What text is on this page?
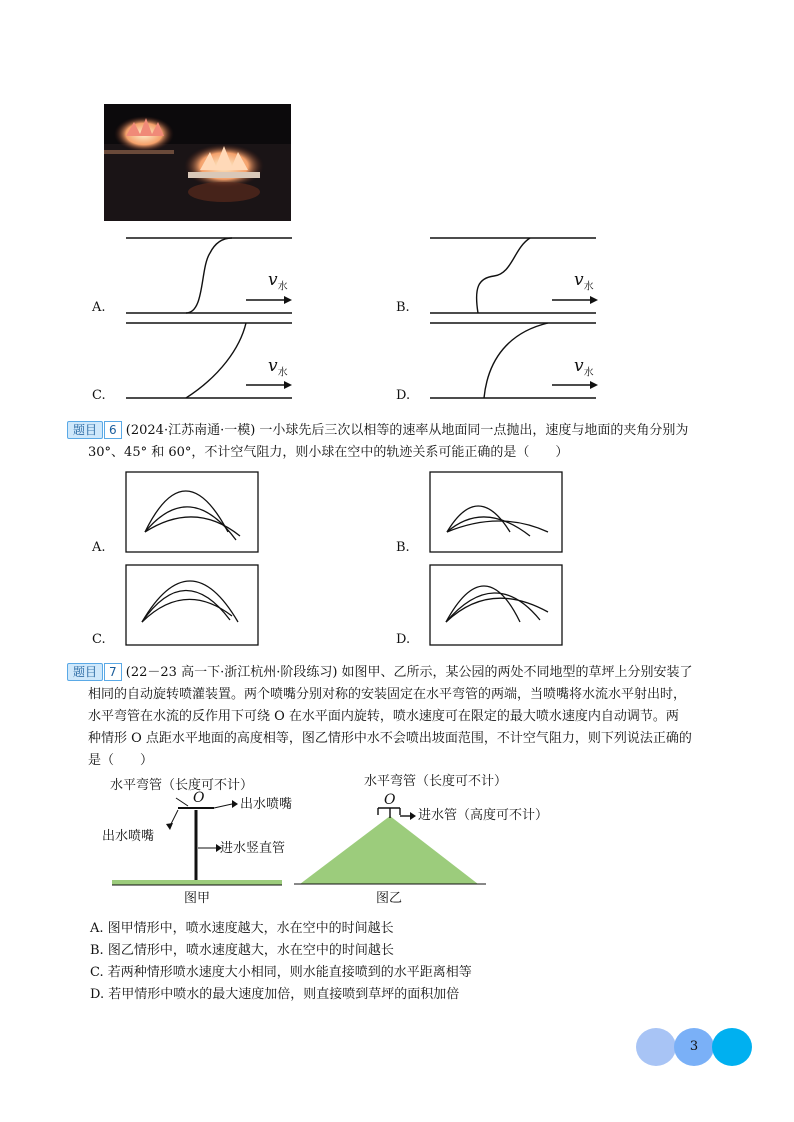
A.	B.
C.	D.
$v_水$	$v_水$
$v_水$	$v_水$
题目 6 (2024·江苏南通·一模) 一小球先后三次以相等的速率从地面同一点抛出，速度与地面的夹角分别为
30°、45° 和 60°，不计空气阻力，则小球在空中的轨迹关系可能正确的是（　　）
A.	B.
C.	D.
题目 7 (22－23 高一下·浙江杭州·阶段练习) 如图甲、乙所示，某公园的两处不同地型的草坪上分别安装了
相同的自动旋转喷灌装置。两个喷嘴分别对称的安装固定在水平弯管的两端，当喷嘴将水流水平射出时，
水平弯管在水流的反作用下可绕 O 在水平面内旋转，喷水速度可在限定的最大喷水速度内自动调节。两
种情形 O 点距水平地面的高度相等，图乙情形中水不会喷出坡面范围，不计空气阻力，则下列说法正确的
是（　　）
水平弯管（长度可不计）
O	出水喷嘴
出水喷嘴
进水竖直管
图甲
水平弯管（长度可不计）
O
进水管（高度可不计）
图乙
A. 图甲情形中，喷水速度越大，水在空中的时间越长
B. 图乙情形中，喷水速度越大，水在空中的时间越长
C. 若两种情形喷水速度大小相同，则水能直接喷到的水平距离相等
D. 若甲情形中喷水的最大速度加倍，则直接喷到草坪的面积加倍
3
